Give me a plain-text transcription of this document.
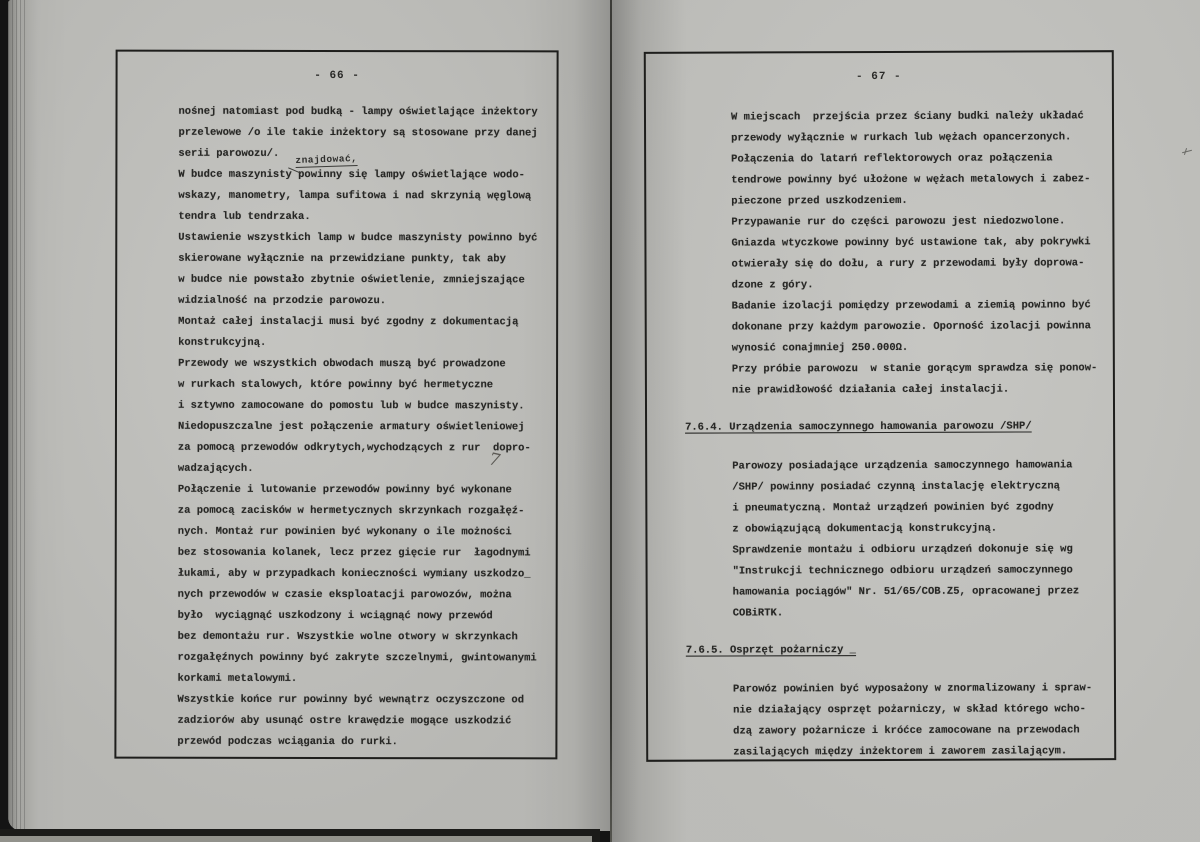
- 66 -
nośnej natomiast pod budką - lampy oświetlające inżektory
przelewowe /o ile takie inżektory są stosowane przy danej
serii parowozu/.
W budce maszynisty powinny się lampy oświetlające wodo-
wskazy, manometry, lampa sufitowa i nad skrzynią węglową
tendra lub tendrzaka.
Ustawienie wszystkich lamp w budce maszynisty powinno być
skierowane wyłącznie na przewidziane punkty, tak aby
w budce nie powstało zbytnie oświetlenie, zmniejszające
widzialność na przodzie parowozu.
Montaż całej instalacji musi być zgodny z dokumentacją
konstrukcyjną.
Przewody we wszystkich obwodach muszą być prowadzone
w rurkach stalowych, które powinny być hermetyczne
i sztywno zamocowane do pomostu lub w budce maszynisty.
Niedopuszczalne jest połączenie armatury oświetleniowej
za pomocą przewodów odkrytych,wychodzących z rur  dopro-
wadzających.
Połączenie i lutowanie przewodów powinny być wykonane
za pomocą zacisków w hermetycznych skrzynkach rozgałęź-
nych. Montaż rur powinien być wykonany o ile możności
bez stosowania kolanek, lecz przez gięcie rur  łagodnymi
łukami, aby w przypadkach konieczności wymiany uszkodzo_
nych przewodów w czasie eksploatacji parowozów, można
było  wyciągnąć uszkodzony i wciągnąć nowy przewód
bez demontażu rur. Wszystkie wolne otwory w skrzynkach
rozgałęźnych powinny być zakryte szczelnymi, gwintowanymi
korkami metalowymi.
Wszystkie końce rur powinny być wewnątrz oczyszczone od
zadziorów aby usunąć ostre krawędzie mogące uszkodzić
przewód podczas wciągania do rurki.
znajdować,
7
- 67 -
W miejscach  przejścia przez ściany budki należy układać
przewody wyłącznie w rurkach lub wężach opancerzonych.
Połączenia do latarń reflektorowych oraz połączenia
tendrowe powinny być ułożone w wężach metalowych i zabez-
pieczone przed uszkodzeniem.
Przypawanie rur do części parowozu jest niedozwolone.
Gniazda wtyczkowe powinny być ustawione tak, aby pokrywki
otwierały się do dołu, a rury z przewodami były doprowa-
dzone z góry.
Badanie izolacji pomiędzy przewodami a ziemią powinno być
dokonane przy każdym parowozie. Oporność izolacji powinna
wynosić conajmniej 250.000Ω.
Przy próbie parowozu  w stanie gorącym sprawdza się ponow-
nie prawidłowość działania całej instalacji.
7.6.4. Urządzenia samoczynnego hamowania parowozu /SHP/
Parowozy posiadające urządzenia samoczynnego hamowania
/SHP/ powinny posiadać czynną instalację elektryczną
i pneumatyczną. Montaż urządzeń powinien być zgodny
z obowiązującą dokumentacją konstrukcyjną.
Sprawdzenie montażu i odbioru urządzeń dokonuje się wg
"Instrukcji technicznego odbioru urządzeń samoczynnego
hamowania pociągów" Nr. 51/65/COB.Z5, opracowanej przez
COBiRTK.
7.6.5. Osprzęt pożarniczy _
Parowóz powinien być wyposażony w znormalizowany i spraw-
nie działający osprzęt pożarniczy, w skład którego wcho-
dzą zawory pożarnicze i króćce zamocowane na przewodach
zasilających między inżektorem i zaworem zasilającym.
